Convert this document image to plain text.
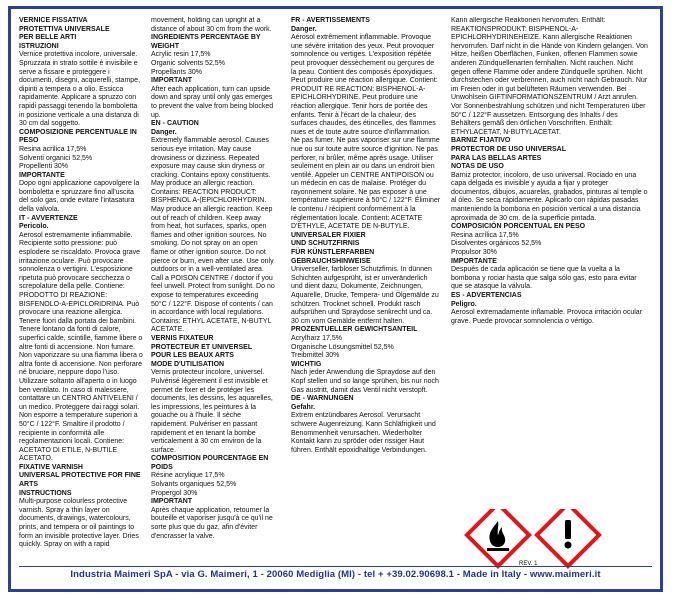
VERNICE FISSATIVA
PROTETTIVA UNIVERSALE
PER BELLE ARTI
ISTRUZIONI
Vernice protettiva incolore, universale. Spruzzata in strato sottile è invisibile e serve a fissare e proteggere i documenti, disegni, acquerelli, stampe, dipinti a tempera o a olio. Essicca rapidamente. Applicare a spruzzo con rapidi passaggi tenendo la bomboletta in posizione verticale a una distanza di 30 cm dal soggetto.
COMPOSIZIONE PERCENTUALE IN PESO
Resina acrilica 17,5%
Solventi organici 52,5%
Propellenti 30%
IMPORTANTE
Dopo ogni applicazione capovolgere la bomboletta e spruzzare fino all'uscita del solo gas, onde evitare l'intasatura della valvola.
IT - AVVERTENZE
Pericolo.
Aerosol estremamente infiammabile. Recipiente sotto pressione: può esplodere se riscaldato. Provoca grave irritazione oculare. Può provocare sonnolenza o vertigini. L'esposizione ripetuta può provocare secchezza o screpolature della pelle. Contiene: PRODOTTO DI REAZIONE: BISFENOLO-A-EPICLORIDRINA. Può provocare una reazione allergica. Tenere fuori dalla portata dei bambini. Tenere lontano da fonti di calore, superfici calde, scintille, fiamme libere o altre fonti di accensione. Non fumare. Non vaporizzare su una fiamma libera o altra fonte di accensione. Non perforare né bruciare, neppure dopo l'uso. Utilizzare soltanto all'aperto o in luogo ben ventilato. In caso di malessere, contattare un CENTRO ANTIVELENI / un medico. Proteggere dai raggi solari. Non esporre a temperature superiori a 50°C / 122°F. Smaltire il prodotto / recipiente in conformità alle regolamentazioni locali. Contiene: ACETATO DI ETILE, N-BUTILE ACETATO.
FIXATIVE VARNISH
UNIVERSAL PROTECTIVE FOR FINE ARTS
INSTRUCTIONS
Multi-purpose colourless protective varnish. Spray a thin layer on documents, drawings, watercolours, prints, and tempera or oil paintings to form an invisible protective layer. Dries quickly. Spray on with a rapid
movement, holding can upright at a distance of about 30 cm from the work.
INGREDIENTS PERCENTAGE BY WEIGHT
Acrylic resin 17,5%
Organic solvents 52,5%
Propellants 30%
IMPORTANT
After each application, turn can upside down and spray until only gas emerges to prevent the valve from being blocked up.
EN - CAUTION
Danger.
Extremely flammable aerosol. Causes serious eye irritation. May cause drowsiness or dizziness. Repeated exposure may cause skin dryness or cracking. Contains epoxy constituents. May produce an allergic reaction. Contains: REACTION PRODUCT: BISPHENOL A-(EPICHLORHYDRIN. May produce an allergic reaction. Keep out of reach of children. Keep away from heat, hot surfaces, sparks, open flames and other ignition sources. No smoking. Do not spray on an open flame or other ignition source. Do not pierce or burn, even after use. Use only outdoors or in a well-ventilated area. Call a POISON CENTRE / doctor if you feel unwell. Protect from sunlight. Do no expose to temperatures exceeding 50°C / 122°F. Dispose of contents / can in accordance with local regulations. Contains: ETHYL ACETATE, N-BUTYL ACETATE.
VERNIS FIXATEUR
PROTECTEUR ET UNIVERSEL
POUR LES BEAUX ARTS
MODE D'UTILISATION
Vernis protecteur incolore, universel. Pulvérisé légèrement il est invisible et permet de fixer et de protéger les documents, les dessins, les aquarelles, les impressions, les peintures à la gouache ou à l'huile. Il sèche rapidement. Pulvériser en passant rapidement et en tenant la bombe verticalement à 30 cm environ de la surface.
COMPOSITION POURCENTAGE EN POIDS
Résine acrylique 17,5%
Solvants organiques 52,5%
Propergol 30%
IMPORTANT
Après chaque application, retourner la bouteille et vaporiser jusqu'à ce qu'il ne sorte plus que du gaz, afin d'éviter d'encrasser la valve.
FR - AVERTISSEMENTS
Danger.
Aérosol extrêmement inflammable. Provoque une sévère irritation des yeux. Peut provoquer somnolence ou vertiges. L'exposition répétée peut provoquer dessèchement ou gerçures de la peau. Contient des composés époxydiques. Peut produire une réaction allergique. Contient: PRODUIT RE REACTION: BISPHENOL-A-EPICHLORHYDRINE. Peut produire une réaction allergique. Tenir hors de portée des enfants. Tenir à l'écart de la chaleur, des surfaces chaudes, des étincelles, des flammes nues et de toute autre source d'inflammation. Ne pas fumer. Ne pas vaporiser sur une flamme nue ou sur toute autre source d'ignition. Ne pas perforer, ni brûler, même après usage. Utiliser seulement en plein air ou dans un endroit bien ventilé. Appeler un CENTRE ANTIPOISON ou un médecin en cas de malaise. Protéger du rayonnement solaire. Ne pas exposer à une température supérieure à 50°C / 122°F. Éliminer le contenu / récipient conformément à la réglementation locale. Contient: ACETATE D'ETHYLE, ACETATE DE N-BUTYLE.
UNIVERSALER FIXIER
UND SCHUTZFIRNIS
FÜR KÜNSTLERFARBEN
GEBRAUCHSHINWEISE
Universeller, farbloser Schutzfirnis. In dünnen Schichten aufgesprüht, ist er unveränderlich und dient dazu, Dokumente, Zeichnungen, Aquarelle, Drucke, Tempera- und Ölgemälde zu schützen. Trocknet schnell. Produkt rasch aufsprühen und Spraydose senkrecht und ca. 30 cm vom Gemälde entfernt halten.
PROZENTUELLER GEWICHTSANTEIL
Acrylharz 17,5%
Organische Lösungsmittel 52,5%
Treibmittel 30%
WICHTIG
Nach jeder Anwendung die Spraydose auf den Kopf stellen und so lange sprühen, bis nur noch Gas austritt, damit das Ventil nicht verstopft.
DE - WARNUNGEN
Gefahr.
Extrem entzündbares Aerosol. Verursacht schwere Augenreizung. Kann Schläfrigkeit und Benommenheit verursachen. Wiederholter Kontakt kann zu spröder oder rissiger Haut führen. Enthält epoxidhaltige Verbindungen.
Kann allergische Reaktionen hervorrufen. Enthält: REAKTIONSPRODUKT: BISPHENOL-A-EPICHLORHYDRINEHEIZE. Kann allergische Reaktionen hervorrufen. Darf nicht in die Hände von Kindern gelangen. Von Hitze, heißen Oberflächen, Funken, offenen Flammen sowie anderen Zündquellenarten fernhalten. Nicht rauchen. Nicht gegen offene Flamme oder andere Zündquelle sprühen. Nicht durchstechen oder verbrennen, auch nicht nach Gebrauch. Nur im Freien oder in gut belüfteten Räumen verwenden. Bei Unwohlsein GIFTINFORMATIONSZENTRUM / Arzt anrufen. Vor Sonnenbestrahlung schützen und nicht Temperaturen über 50°C / 122°F aussetzen. Entsorgung des Inhalts / des Behälters gemäß den örtlichen Vorschriften. Enthält: ETHYLACETAT, N-BUTYLACETAT.
BARNIZ FIJATIVO
PROTECTOR DE USO UNIVERSAL
PARA LAS BELLAS ARTES
NOTAS DE USO
Barniz protector, incoloro, de uso universal. Rociado en una capa delgada es invisible y ayuda a fijar y proteger documentos, dibujos, acuarelas, grabados, pinturas al temple o al óleo. Se seca rápidamente. Aplicarlo con rápidas pasadas manteniendo la bombona en posición vertical a una distancia aproximada de 30 cm. de la superficie pintada.
COMPOSICIÓN PORCENTUAL EN PESO
Resina acrílica 17,5%
Disolventes orgánicos 52,5%
Propulsor 30%
IMPORTANTE
Después de cada aplicación se tiene que la vuelta a la bombona y rociar hasta que salga sólo gas, esto para evitar que se atasque la válvula.
ES - ADVERTENCIAS
Peligro.
Aerosol extremadamente inflamable. Provoca irritación ocular grave. Puede provocar somnolencia o vértigo.
REV. 1
Industria Maimeri SpA - via G. Maimeri, 1 - 20060 Mediglia (MI) - tel + +39.02.90698.1 - Made in Italy - www.maimeri.it
